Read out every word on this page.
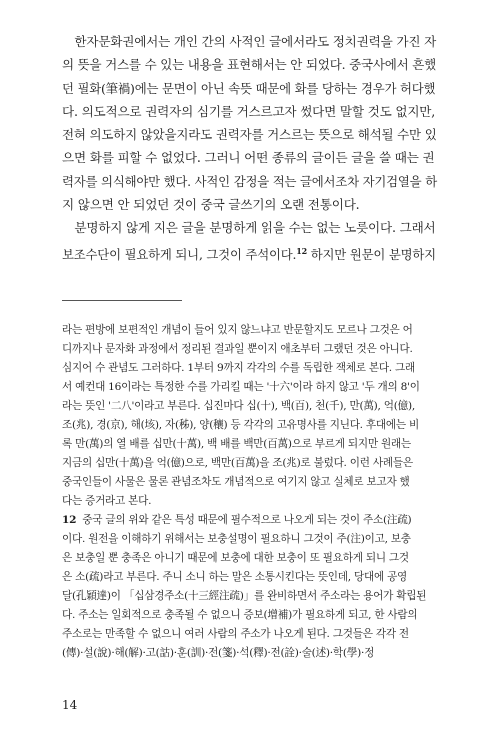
　한자문화권에서는 개인 간의 사적인 글에서라도 정치권력을 가진 자

의 뜻을 거스를 수 있는 내용을 표현해서는 안 되었다. 중국사에서 흔했

던 필화(筆禍)에는 문면이 아닌 속뜻 때문에 화를 당하는 경우가 허다했

다. 의도적으로 권력자의 심기를 거스르고자 썼다면 말할 것도 없지만,

전혀 의도하지 않았을지라도 권력자를 거스르는 뜻으로 해석될 수만 있

으면 화를 피할 수 없었다. 그러니 어떤 종류의 글이든 글을 쓸 때는 권

력자를 의식해야만 했다. 사적인 감정을 적는 글에서조차 자기검열을 하

지 않으면 안 되었던 것이 중국 글쓰기의 오랜 전통이다.

　분명하지 않게 지은 글을 분명하게 읽을 수는 없는 노릇이다. 그래서

보조수단이 필요하게 되니, 그것이 주석이다.$^{12}$ 하지만 원문이 분명하지

라는 편방에 보편적인 개념이 들어 있지 않느냐고 반문할지도 모르나 그것은 어

디까지나 문자화 과정에서 정리된 결과일 뿐이지 애초부터 그랬던 것은 아니다.

심지어 수 관념도 그러하다. 1부터 9까지 각각의 수를 독립한 잭체로 본다. 그래

서 예컨대 16이라는 특정한 수를 가리킬 때는 '十六'이라 하지 않고 '두 개의 8'이

라는 뜻인 '二八'이라고 부른다. 십진마다 십(十), 백(百), 천(千), 만(萬), 억(億),

조(兆), 경(京), 해(垓), 자(秭), 양(穰) 등 각각의 고유명사를 지닌다. 후대에는 비

록 만(萬)의 열 배를 십만(十萬), 백 배를 백만(百萬)으로 부르게 되지만 원래는

지금의 십만(十萬)을 억(億)으로, 백만(百萬)을 조(兆)로 불렀다. 이런 사례들은

중국인들이 사물은 물론 관념조차도 개념적으로 여기지 않고 실체로 보고자 했

다는 증거라고 본다.

12 중국 글의 위와 같은 특성 때문에 필수적으로 나오게 되는 것이 주소(注疏)

이다. 원전을 이해하기 위해서는 보충설명이 필요하니 그것이 주(注)이고, 보충

은 보충일 뿐 충족은 아니기 때문에 보충에 대한 보충이 또 필요하게 되니 그것

은 소(疏)라고 부른다. 주니 소니 하는 말은 소통시킨다는 뜻인데, 당대에 공영

달(孔穎達)이 「십삼경주소(十三經注疏)」를 완비하면서 주소라는 용어가 확립된

다. 주소는 일회적으로 충족될 수 없으니 증보(增補)가 필요하게 되고, 한 사람의

주소로는 만족할 수 없으니 여러 사람의 주소가 나오게 된다. 그것들은 각각 전

(傳)·설(說)·해(解)·고(詁)·훈(訓)·전(箋)·석(釋)·전(詮)·술(述)·학(學)·정

14
